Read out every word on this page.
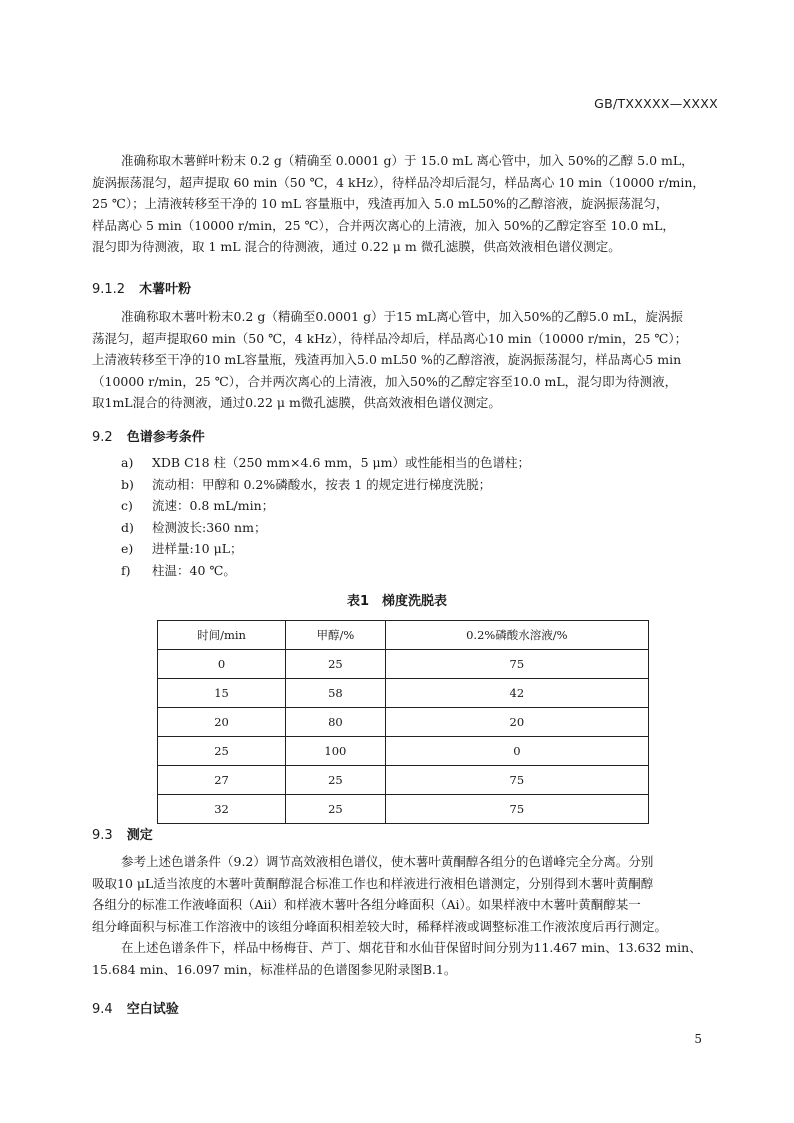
GB/TXXXXX—XXXX
准确称取木薯鲜叶粉末 0.2 g（精确至 0.0001 g）于 15.0 mL 离心管中，加入 50%的乙醇 5.0 mL，
旋涡振荡混匀，超声提取 60 min（50 ℃，4 kHz），待样品冷却后混匀，样品离心 10 min（10000 r/min，
25 ℃）；上清液转移至干净的 10 mL 容量瓶中，残渣再加入 5.0 mL50%的乙醇溶液，旋涡振荡混匀，
样品离心 5 min（10000 r/min，25 ℃），合并两次离心的上清液，加入 50%的乙醇定容至 10.0 mL，
混匀即为待测液，取 1 mL 混合的待测液，通过 0.22 μ m 微孔滤膜，供高效液相色谱仪测定。
9.1.2 木薯叶粉
准确称取木薯叶粉末0.2 g（精确至0.0001 g）于15 mL离心管中，加入50%的乙醇5.0 mL，旋涡振
荡混匀，超声提取60 min（50 ℃，4 kHz），待样品冷却后，样品离心10 min（10000 r/min，25 ℃）；
上清液转移至干净的10 mL容量瓶，残渣再加入5.0 mL50 %的乙醇溶液，旋涡振荡混匀，样品离心5 min
（10000 r/min，25 ℃），合并两次离心的上清液，加入50%的乙醇定容至10.0 mL，混匀即为待测液，
取1mL混合的待测液，通过0.22 μ m微孔滤膜，供高效液相色谱仪测定。
9.2 色谱参考条件
a) XDB C18 柱（250 mm×4.6 mm，5 μm）或性能相当的色谱柱；
b) 流动相：甲醇和 0.2%磷酸水，按表 1 的规定进行梯度洗脱；
c) 流速：0.8 mL/min；
d) 检测波长:360 nm；
e) 进样量:10 μL；
f) 柱温：40 ℃。
表1　梯度洗脱表
时间/min	甲醇/%	0.2%磷酸水溶液/%
0	25	75
15	58	42
20	80	20
25	100	0
27	25	75
32	25	75
9.3 测定
参考上述色谱条件（9.2）调节高效液相色谱仪，使木薯叶黄酮醇各组分的色谱峰完全分离。分别
吸取10 μL适当浓度的木薯叶黄酮醇混合标准工作也和样液进行液相色谱测定，分别得到木薯叶黄酮醇
各组分的标准工作液峰面积（Aii）和样液木薯叶各组分峰面积（Ai）。如果样液中木薯叶黄酮醇某一
组分峰面积与标准工作溶液中的该组分峰面积相差较大时，稀释样液或调整标准工作液浓度后再行测定。
在上述色谱条件下，样品中杨梅苷、芦丁、烟花苷和水仙苷保留时间分别为11.467 min、13.632 min、
15.684 min、16.097 min，标准样品的色谱图参见附录图B.1。
9.4 空白试验
5
